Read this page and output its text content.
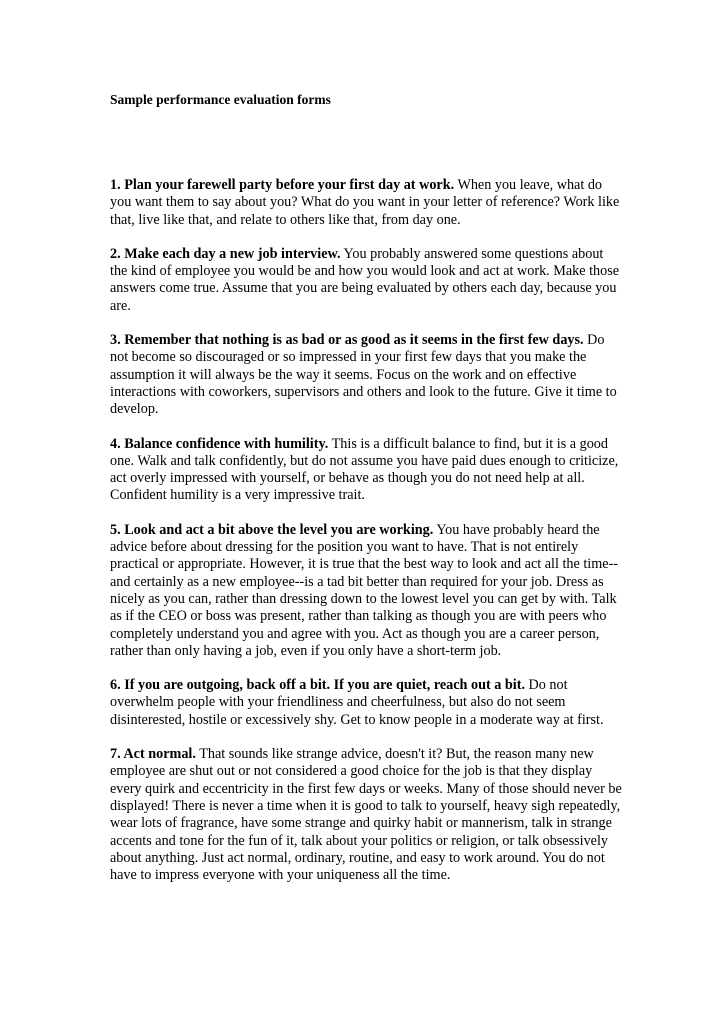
Sample performance evaluation forms

1. Plan your farewell party before your first day at work. When you leave, what do you want them to say about you? What do you want in your letter of reference? Work like that, live like that, and relate to others like that, from day one.

2. Make each day a new job interview. You probably answered some questions about the kind of employee you would be and how you would look and act at work. Make those answers come true. Assume that you are being evaluated by others each day, because you are.

3. Remember that nothing is as bad or as good as it seems in the first few days. Do not become so discouraged or so impressed in your first few days that you make the assumption it will always be the way it seems. Focus on the work and on effective interactions with coworkers, supervisors and others and look to the future. Give it time to develop.

4. Balance confidence with humility. This is a difficult balance to find, but it is a good one. Walk and talk confidently, but do not assume you have paid dues enough to criticize, act overly impressed with yourself, or behave as though you do not need help at all. Confident humility is a very impressive trait.

5. Look and act a bit above the level you are working. You have probably heard the advice before about dressing for the position you want to have. That is not entirely practical or appropriate. However, it is true that the best way to look and act all the time--and certainly as a new employee--is a tad bit better than required for your job. Dress as nicely as you can, rather than dressing down to the lowest level you can get by with. Talk as if the CEO or boss was present, rather than talking as though you are with peers who completely understand you and agree with you. Act as though you are a career person, rather than only having a job, even if you only have a short-term job.

6. If you are outgoing, back off a bit. If you are quiet, reach out a bit. Do not overwhelm people with your friendliness and cheerfulness, but also do not seem disinterested, hostile or excessively shy. Get to know people in a moderate way at first.

7. Act normal. That sounds like strange advice, doesn't it? But, the reason many new employee are shut out or not considered a good choice for the job is that they display every quirk and eccentricity in the first few days or weeks. Many of those should never be displayed! There is never a time when it is good to talk to yourself, heavy sigh repeatedly, wear lots of fragrance, have some strange and quirky habit or mannerism, talk in strange accents and tone for the fun of it, talk about your politics or religion, or talk obsessively about anything. Just act normal, ordinary, routine, and easy to work around. You do not have to impress everyone with your uniqueness all the time.
